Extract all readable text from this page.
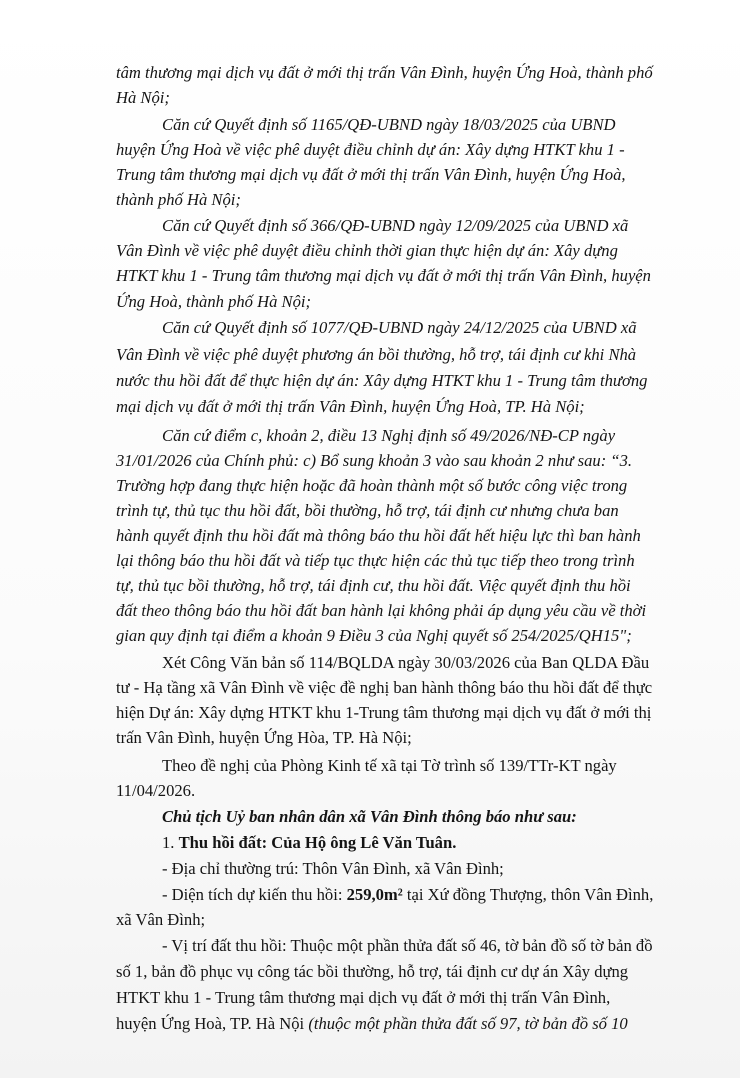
tâm thương mại dịch vụ đất ở mới thị trấn Vân Đình, huyện Ứng Hoà, thành phố
Hà Nội;
Căn cứ Quyết định số 1165/QĐ-UBND ngày 18/03/2025 của UBND
huyện Ứng Hoà về việc phê duyệt điều chỉnh dự án: Xây dựng HTKT khu 1 -
Trung tâm thương mại dịch vụ đất ở mới thị trấn Vân Đình, huyện Ứng Hoà,
thành phố Hà Nội;
Căn cứ Quyết định số 366/QĐ-UBND ngày 12/09/2025 của UBND xã
Vân Đình về việc phê duyệt điều chỉnh thời gian thực hiện dự án: Xây dựng
HTKT khu 1 - Trung tâm thương mại dịch vụ đất ở mới thị trấn Vân Đình, huyện
Ứng Hoà, thành phố Hà Nội;
Căn cứ Quyết định số 1077/QĐ-UBND ngày 24/12/2025 của UBND xã
Vân Đình về việc phê duyệt phương án bồi thường, hỗ trợ, tái định cư khi Nhà
nước thu hồi đất để thực hiện dự án: Xây dựng HTKT khu 1 - Trung tâm thương
mại dịch vụ đất ở mới thị trấn Vân Đình, huyện Ứng Hoà, TP. Hà Nội;
Căn cứ điểm c, khoản 2, điều 13 Nghị định số 49/2026/NĐ-CP ngày
31/01/2026 của Chính phủ: c) Bổ sung khoản 3 vào sau khoản 2 như sau: “3.
Trường hợp đang thực hiện hoặc đã hoàn thành một số bước công việc trong
trình tự, thủ tục thu hồi đất, bồi thường, hỗ trợ, tái định cư nhưng chưa ban
hành quyết định thu hồi đất mà thông báo thu hồi đất hết hiệu lực thì ban hành
lại thông báo thu hồi đất và tiếp tục thực hiện các thủ tục tiếp theo trong trình
tự, thủ tục bồi thường, hỗ trợ, tái định cư, thu hồi đất. Việc quyết định thu hồi
đất theo thông báo thu hồi đất ban hành lại không phải áp dụng yêu cầu về thời
gian quy định tại điểm a khoản 9 Điều 3 của Nghị quyết số 254/2025/QH15";
Xét Công Văn bản số 114/BQLDA ngày 30/03/2026 của Ban QLDA Đầu
tư - Hạ tầng xã Vân Đình về việc đề nghị ban hành thông báo thu hồi đất để thực
hiện Dự án: Xây dựng HTKT khu 1-Trung tâm thương mại dịch vụ đất ở mới thị
trấn Vân Đình, huyện Ứng Hòa, TP. Hà Nội;
Theo đề nghị của Phòng Kinh tế xã tại Tờ trình số 139/TTr-KT ngày
11/04/2026.
Chủ tịch Uỷ ban nhân dân xã Vân Đình thông báo như sau:
1. Thu hồi đất: Của Hộ ông Lê Văn Tuân.
- Địa chỉ thường trú: Thôn Vân Đình, xã Vân Đình;
- Diện tích dự kiến thu hồi: 259,0m² tại Xứ đồng Thượng, thôn Vân Đình,
xã Vân Đình;
- Vị trí đất thu hồi: Thuộc một phần thửa đất số 46, tờ bản đồ số tờ bản đồ
số 1, bản đồ phục vụ công tác bồi thường, hỗ trợ, tái định cư dự án Xây dựng
HTKT khu 1 - Trung tâm thương mại dịch vụ đất ở mới thị trấn Vân Đình,
huyện Ứng Hoà, TP. Hà Nội (thuộc một phần thửa đất số 97, tờ bản đồ số 10
